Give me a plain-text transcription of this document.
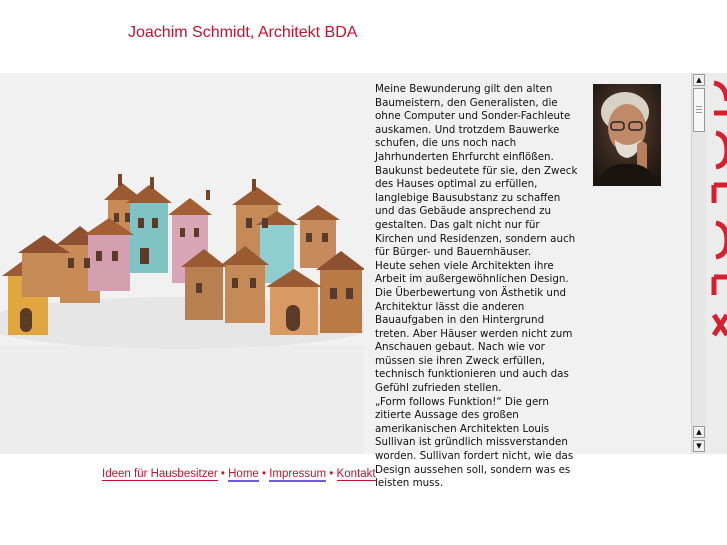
Joachim Schmidt, Architekt BDA

Meine Bewunderung gilt den alten Baumeistern, den Generalisten, die ohne Computer und Sonder-Fachleute auskamen. Und trotzdem Bauwerke schufen, die uns noch nach Jahrhunderten Ehrfurcht einflößen.
Baukunst bedeutete für sie, den Zweck des Hauses optimal zu erfüllen, langlebige Bausubstanz zu schaffen und das Gebäude ansprechend zu gestalten. Das galt nicht nur für Kirchen und Residenzen, sondern auch für Bürger- und Bauernhäuser.
Heute sehen viele Architekten ihre Arbeit im außergewöhnlichen Design. Die Überbewertung von Ästhetik und Architektur lässt die anderen Bauaufgaben in den Hintergrund treten. Aber Häuser werden nicht zum Anschauen gebaut. Nach wie vor müssen sie ihren Zweck erfüllen, technisch funktionieren und auch das Gefühl zufrieden stellen.
„Form follows Funktion!“ Die gern zitierte Aussage des großen amerikanischen Architekten Louis Sullivan ist gründlich missverstanden worden. Sullivan fordert nicht, wie das Design aussehen soll, sondern was es leisten muss.

▲
▲
▼
Ideen für Hausbesitzer • Home • Impressum • Kontakt
